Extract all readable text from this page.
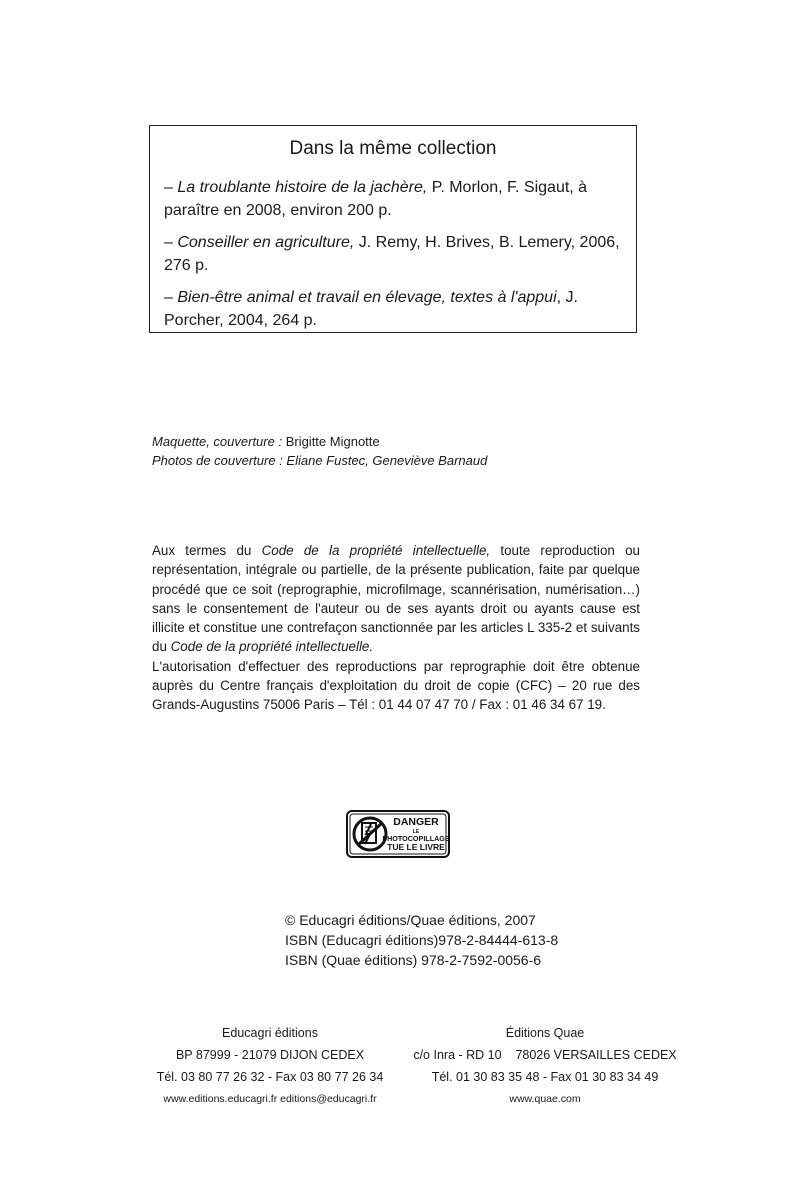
Dans la même collection
– La troublante histoire de la jachère, P. Morlon, F. Sigaut, à paraître en 2008, environ 200 p.
– Conseiller en agriculture, J. Remy, H. Brives, B. Lemery, 2006, 276 p.
– Bien-être animal et travail en élevage, textes à l'appui, J. Porcher, 2004, 264 p.
Maquette, couverture : Brigitte Mignotte
Photos de couverture : Eliane Fustec, Geneviève Barnaud

Aux termes du Code de la propriété intellectuelle, toute reproduction ou représentation, intégrale ou partielle, de la présente publication, faite par quelque procédé que ce soit (reprographie, microfilmage, scannérisation, numérisation…) sans le consentement de l'auteur ou de ses ayants droit ou ayants cause est illicite et constitue une contrefaçon sanctionnée par les articles L 335-2 et suivants du Code de la propriété intellectuelle.

L'autorisation d'effectuer des reproductions par reprographie doit être obtenue auprès du Centre français d'exploitation du droit de copie (CFC) – 20 rue des Grands-Augustins 75006 Paris – Tél : 01 44 07 47 70 / Fax : 01 46 34 67 19.

DANGER
LE
PHOTOCOPILLAGE
TUE LE LIVRE
© Educagri éditions/Quae éditions, 2007
ISBN (Educagri éditions)978-2-84444-613-8
ISBN (Quae éditions) 978-2-7592-0056-6
Educagri éditions
BP 87999 - 21079 DIJON CEDEX
Tél. 03 80 77 26 32 - Fax 03 80 77 26 34
www.editions.educagri.fr editions@educagri.fr
Éditions Quae
c/o Inra - RD 10    78026 VERSAILLES CEDEX
Tél. 01 30 83 35 48 - Fax 01 30 83 34 49
www.quae.com
